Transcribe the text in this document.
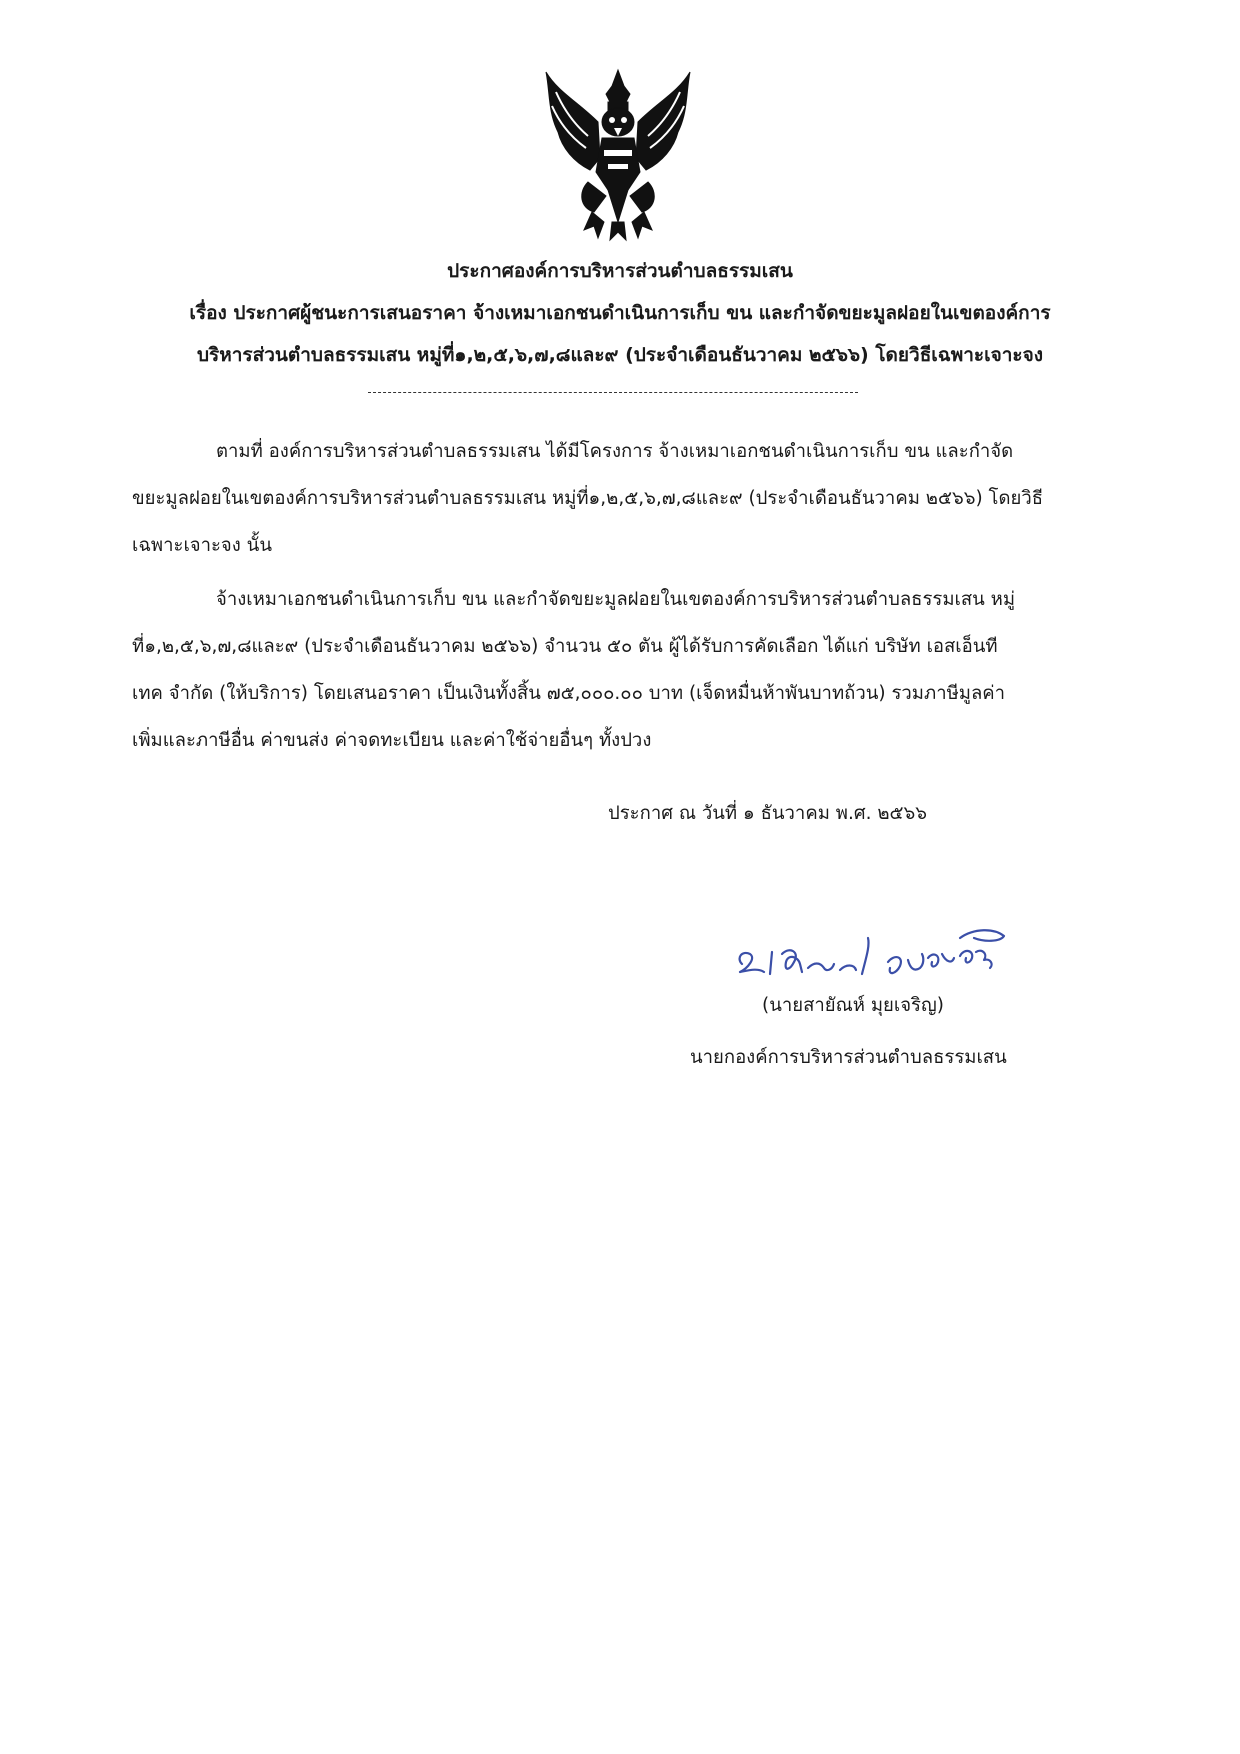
ประกาศองค์การบริหารส่วนตำบลธรรมเสน
เรื่อง ประกาศผู้ชนะการเสนอราคา จ้างเหมาเอกชนดำเนินการเก็บ ขน และกำจัดขยะมูลฝอยในเขตองค์การ
บริหารส่วนตำบลธรรมเสน หมู่ที่๑,๒,๕,๖,๗,๘และ๙ (ประจำเดือนธันวาคม ๒๕๖๖) โดยวิธีเฉพาะเจาะจง
ตามที่ องค์การบริหารส่วนตำบลธรรมเสน ได้มีโครงการ จ้างเหมาเอกชนดำเนินการเก็บ ขน และกำจัด
ขยะมูลฝอยในเขตองค์การบริหารส่วนตำบลธรรมเสน หมู่ที่๑,๒,๕,๖,๗,๘และ๙ (ประจำเดือนธันวาคม ๒๕๖๖) โดยวิธี
เฉพาะเจาะจง นั้น
จ้างเหมาเอกชนดำเนินการเก็บ ขน และกำจัดขยะมูลฝอยในเขตองค์การบริหารส่วนตำบลธรรมเสน หมู่
ที่๑,๒,๕,๖,๗,๘และ๙ (ประจำเดือนธันวาคม ๒๕๖๖) จำนวน ๕๐ ตัน ผู้ได้รับการคัดเลือก ได้แก่ บริษัท เอสเอ็นที
เทค จำกัด (ให้บริการ) โดยเสนอราคา เป็นเงินทั้งสิ้น ๗๕,๐๐๐.๐๐ บาท (เจ็ดหมื่นห้าพันบาทถ้วน) รวมภาษีมูลค่า
เพิ่มและภาษีอื่น ค่าขนส่ง ค่าจดทะเบียน และค่าใช้จ่ายอื่นๆ ทั้งปวง
ประกาศ ณ วันที่ ๑ ธันวาคม พ.ศ. ๒๕๖๖
(นายสายัณห์ มุยเจริญ)
นายกองค์การบริหารส่วนตำบลธรรมเสน
